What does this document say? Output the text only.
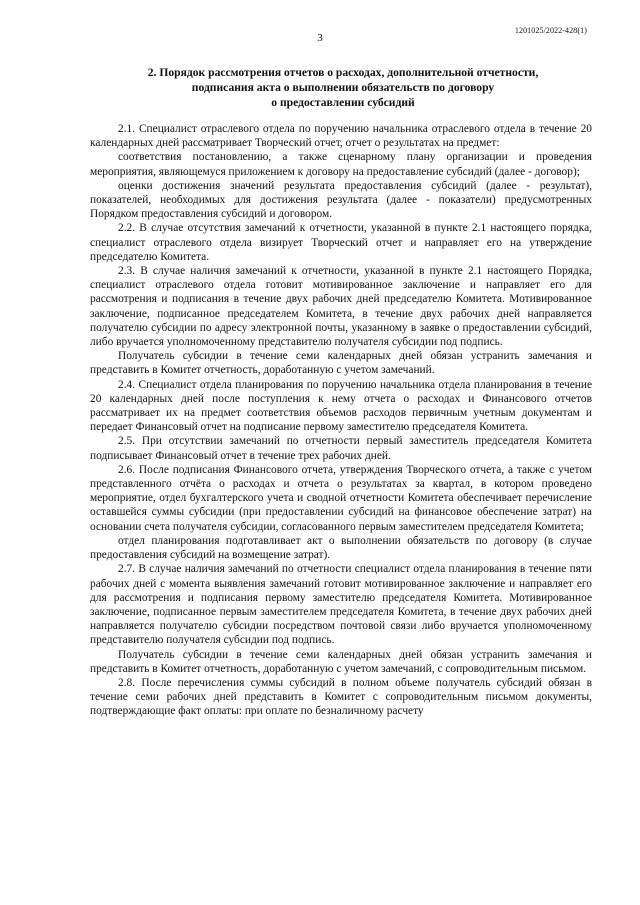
1201025/2022-428(1)
3
2. Порядок рассмотрения отчетов о расходах, дополнительной отчетности,
подписания акта о выполнении обязательств по договору
о предоставлении субсидий

2.1. Специалист отраслевого отдела по поручению начальника отраслевого отдела в течение 20 календарных дней рассматривает Творческий отчет, отчет о результатах на предмет:

соответствия постановлению, а также сценарному плану организации и проведения мероприятия, являющемуся приложением к договору на предоставление субсидий (далее - договор);

оценки достижения значений результата предоставления субсидий (далее - результат), показателей, необходимых для достижения результата (далее - показатели) предусмотренных Порядком предоставления субсидий и договором.

2.2. В случае отсутствия замечаний к отчетности, указанной в пункте 2.1 настоящего порядка, специалист отраслевого отдела визирует Творческий отчет и направляет его на утверждение председателю Комитета.

2.3. В случае наличия замечаний к отчетности, указанной в пункте 2.1 настоящего Порядка, специалист отраслевого отдела готовит мотивированное заключение и направляет его для рассмотрения и подписания в течение двух рабочих дней председателю Комитета. Мотивированное заключение, подписанное председателем Комитета, в течение двух рабочих дней направляется получателю субсидии по адресу электронной почты, указанному в заявке о предоставлении субсидий, либо вручается уполномоченному представителю получателя субсидии под подпись.

Получатель субсидии в течение семи календарных дней обязан устранить замечания и представить в Комитет отчетность, доработанную с учетом замечаний.

2.4. Специалист отдела планирования по поручению начальника отдела планирования в течение 20 календарных дней после поступления к нему отчета о расходах и Финансового отчетов рассматривает их на предмет соответствия объемов расходов первичным учетным документам и передает Финансовый отчет на подписание первому заместителю председателя Комитета.

2.5. При отсутствии замечаний по отчетности первый заместитель председателя Комитета подписывает Финансовый отчет в течение трех рабочих дней.

2.6. После подписания Финансового отчета, утверждения Творческого отчета, а также с учетом представленного отчёта о расходах и отчета о результатах за квартал, в котором проведено мероприятие, отдел бухгалтерского учета и сводной отчетности Комитета обеспечивает перечисление оставшейся суммы субсидии (при предоставлении субсидий на финансовое обеспечение затрат) на основании счета получателя субсидии, согласованного первым заместителем председателя Комитета;

отдел планирования подготавливает акт о выполнении обязательств по договору (в случае предоставления субсидий на возмещение затрат).

2.7. В случае наличия замечаний по отчетности специалист отдела планирования в течение пяти рабочих дней с момента выявления замечаний готовит мотивированное заключение и направляет его для рассмотрения и подписания первому заместителю председателя Комитета. Мотивированное заключение, подписанное первым заместителем председателя Комитета, в течение двух рабочих дней направляется получателю субсидии посредством почтовой связи либо вручается уполномоченному представителю получателя субсидии под подпись.

Получатель субсидии в течение семи календарных дней обязан устранить замечания и представить в Комитет отчетность, доработанную с учетом замечаний, с сопроводительным письмом.

2.8. После перечисления суммы субсидий в полном объеме получатель субсидий обязан в течение семи рабочих дней представить в Комитет с сопроводительным письмом документы, подтверждающие факт оплаты: при оплате по безналичному расчету
